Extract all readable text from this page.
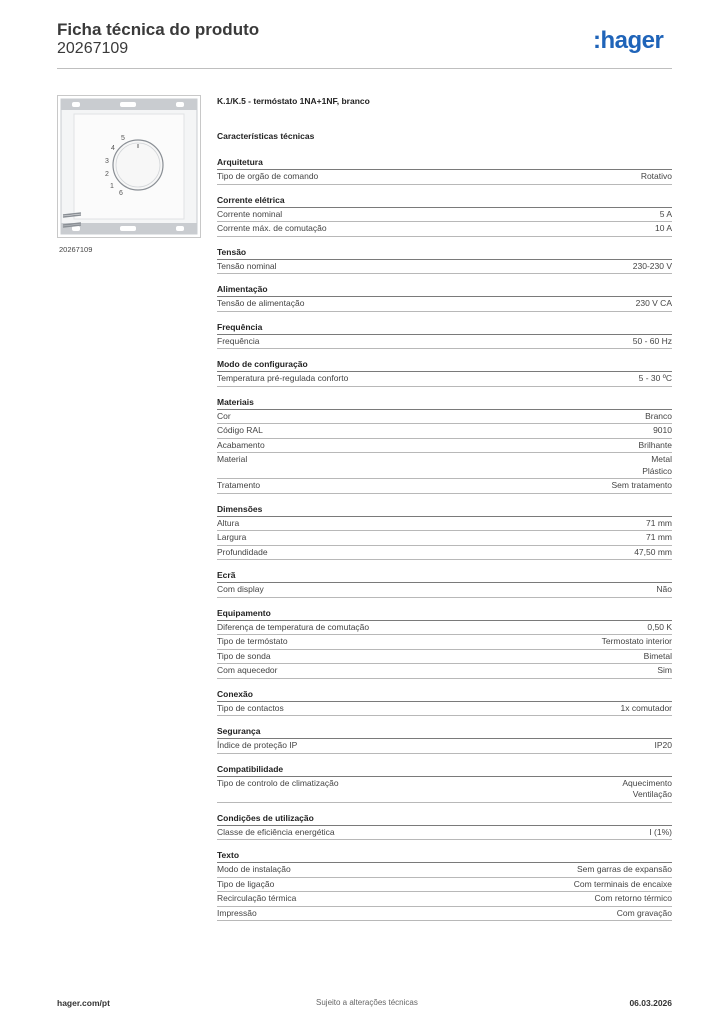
Ficha técnica do produto
20267109	:hager
5
4
3
2
1
6
20267109
K.1/K.5 - termóstato 1NA+1NF, branco
Características técnicas
Arquitetura
Tipo de orgão de comando	Rotativo
Corrente elétrica
Corrente nominal	5 A
Corrente máx. de comutação	10 A
Tensão
Tensão nominal	230-230 V
Alimentação
Tensão de alimentação	230 V CA
Frequência
Frequência	50 - 60 Hz
Modo de configuração
Temperatura pré-regulada conforto	5 - 30 ºC
Materiais
Cor	Branco
Código RAL	9010
Acabamento	Brilhante
Material	Metal
Plástico
Tratamento	Sem tratamento
Dimensões
Altura	71 mm
Largura	71 mm
Profundidade	47,50 mm
Ecrã
Com display	Não
Equipamento
Diferença de temperatura de comutação	0,50 K
Tipo de termóstato	Termostato interior
Tipo de sonda	Bimetal
Com aquecedor	Sim
Conexão
Tipo de contactos	1x comutador
Segurança
Índice de proteção IP	IP20
Compatibilidade
Tipo de controlo de climatização	Aquecimento
Ventilação
Condições de utilização
Classe de eficiência energética	I (1%)
Texto
Modo de instalação	Sem garras de expansão
Tipo de ligação	Com terminais de encaixe
Recirculação térmica	Com retorno térmico
Impressão	Com gravação
hager.com/pt	Sujeito a alterações técnicas	06.03.2026
